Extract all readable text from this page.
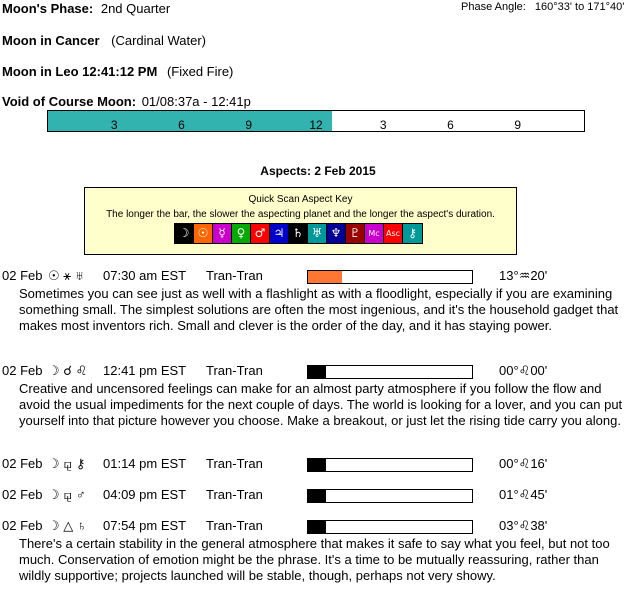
Moon's Phase: 2nd Quarter	Phase Angle: 160°33' to 171°40'
Moon in Cancer (Cardinal Water)
Moon in Leo 12:41:12 PM (Fixed Fire)
Void of Course Moon: 01/08:37a - 12:41p
3	6	9	12	3	6	9
Aspects: 2 Feb 2015
Quick Scan Aspect Key
The longer the bar, the slower the aspecting planet and the longer the aspect's duration.
☽ ☉ ☿ ♀ ♂ ♃ ♄ ♅ ♆ ♇ Mc Asc ⚷
02 Feb ☉ ⚹ ♅ 07:30 am EST Tran-Tran	13°♒20'
Sometimes you can see just as well with a flashlight as with a floodlight, especially if you are examining something small. The simplest solutions are often the most ingenious, and it's the household gadget that makes most inventors rich. Small and clever is the order of the day, and it has staying power.
02 Feb ☽ ☌ ♌ 12:41 pm EST Tran-Tran	00°♌00'
Creative and uncensored feelings can make for an almost party atmosphere if you follow the flow and avoid the usual impediments for the next couple of days. The world is looking for a lover, and you can put yourself into that picture however you choose. Make a breakout, or just let the rising tide carry you along.
02 Feb ☽ ⚼ ⚷ 01:14 pm EST Tran-Tran	00°♌16'
02 Feb ☽ ⚼ ♂ 04:09 pm EST Tran-Tran	01°♌45'
02 Feb ☽ △ ♄ 07:54 pm EST Tran-Tran	03°♌38'
There's a certain stability in the general atmosphere that makes it safe to say what you feel, but not too much. Conservation of emotion might be the phrase. It's a time to be mutually reassuring, rather than wildly supportive; projects launched will be stable, though, perhaps not very showy.
